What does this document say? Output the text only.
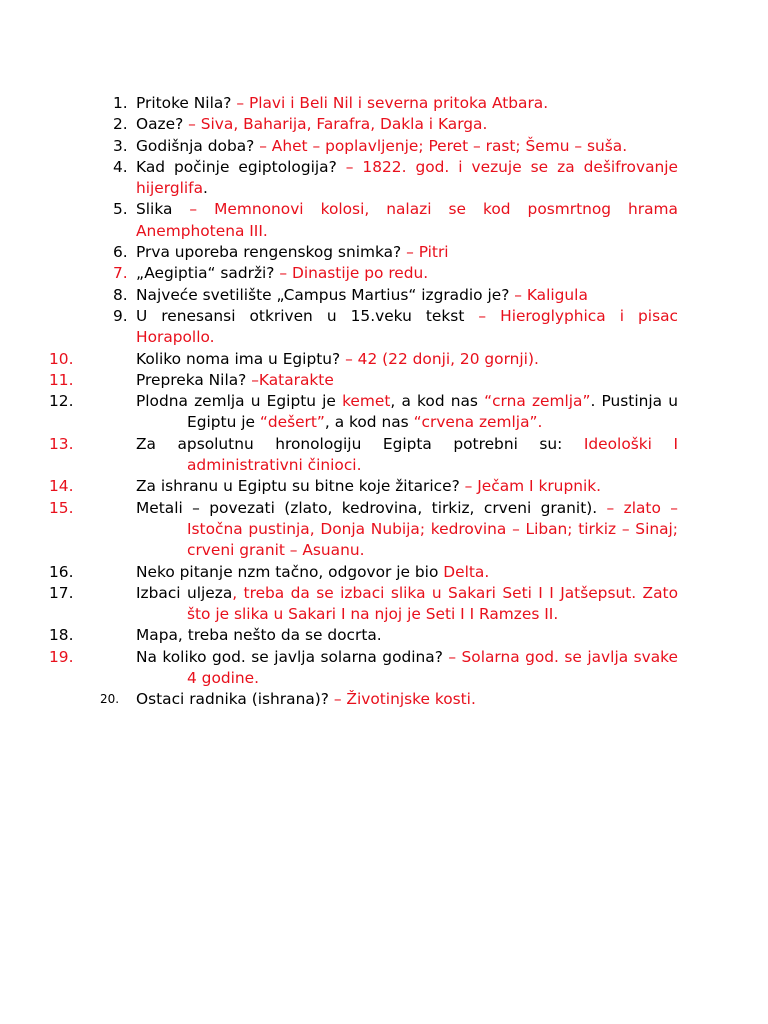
1. Pritoke Nila? – Plavi i Beli Nil i severna pritoka Atbara.
2. Oaze? – Siva, Baharija, Farafra, Dakla i Karga.
3. Godišnja doba? – Ahet – poplavljenje; Peret – rast; Šemu – suša.
4. Kad počinje egiptologija? – 1822. god. i vezuje se za dešifrovanje hijerglifa.
5. Slika – Memnonovi kolosi, nalazi se kod posmrtnog hrama Anemphotena III.
6. Prva uporeba rengenskog snimka? – Pitri
7. „Aegiptia“ sadrži? – Dinastije po redu.
8. Najveće svetilište „Campus Martius“ izgradio je? – Kaligula
9. U renesansi otkriven u 15.veku tekst – Hieroglyphica i pisac Horapollo.
10.	Koliko noma ima u Egiptu? – 42 (22 donji, 20 gornji).
11.	Prepreka Nila? –Katarakte
12.	Plodna zemlja u Egiptu je kemet, a kod nas “crna zemlja”. Pustinja u Egiptu je “dešert”, a kod nas “crvena zemlja”.
13.	Za apsolutnu hronologiju Egipta potrebni su: Ideološki I administrativni činioci.
14.	Za ishranu u Egiptu su bitne koje žitarice? – Ječam I krupnik.
15.	Metali – povezati (zlato, kedrovina, tirkiz, crveni granit). – zlato – Istočna pustinja, Donja Nubija; kedrovina – Liban; tirkiz – Sinaj; crveni granit – Asuanu.
16.	Neko pitanje nzm tačno, odgovor je bio Delta.
17.	Izbaci uljeza, treba da se izbaci slika u Sakari Seti I I Jatšepsut. Zato što je slika u Sakari I na njoj je Seti I I Ramzes II.
18.	Mapa, treba nešto da se docrta.
19.	Na koliko god. se javlja solarna godina? – Solarna god. se javlja svake 4 godine.
20. Ostaci radnika (ishrana)? – Životinjske kosti.
